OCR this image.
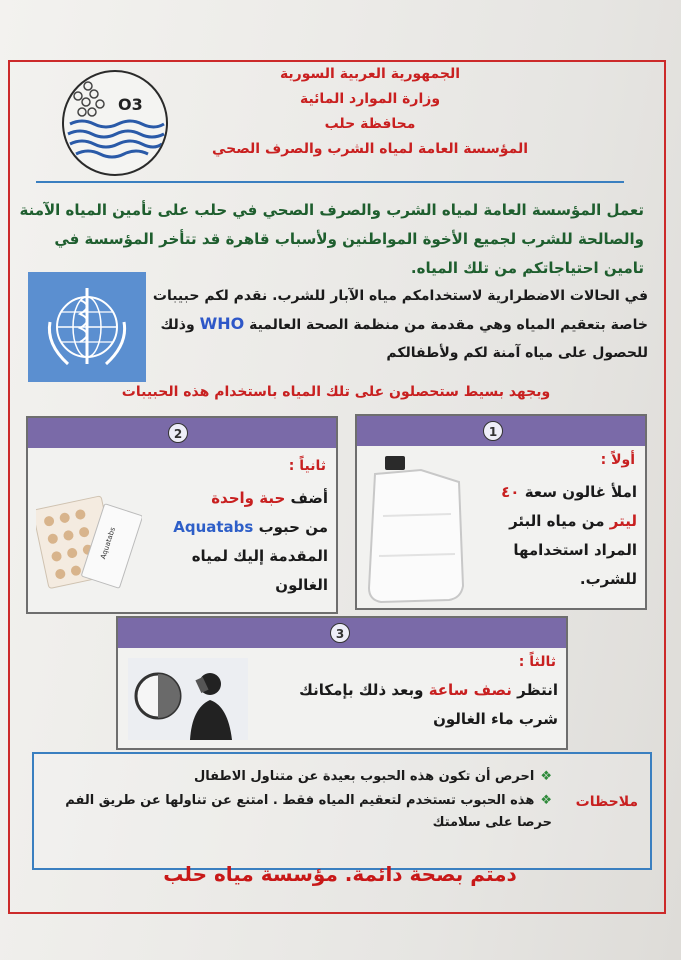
O3
الجمهورية العربية السورية
وزارة الموارد المائية
محافظة حلب
المؤسسة العامة لمياه الشرب والصرف الصحي
تعمل المؤسسة العامة لمياه الشرب والصرف الصحي في حلب على تأمين المياه الآمنة والصالحة للشرب لجميع الأخوة المواطنين ولأسباب قاهرة قد تتأخر المؤسسة في تامين احتياجاتكم من تلك المياه.
في الحالات الاضطرارية لاستخدامكم مياه الآبار للشرب. نقدم لكم حبيبات خاصة بتعقيم المياه وهي مقدمة من منظمة الصحة العالمية WHO وذلك للحصول على مياه آمنة لكم ولأطفالكم
وبجهد بسيط ستحصلون على تلك المياه باستخدام هذه الحبيبات
1
أولاً :
املأ غالون سعة ٤٠
ليتر من مياه البئر
المراد استخدامها
للشرب.
2
ثانياً :
أضف حبة واحدة
من حبوب Aquatabs
المقدمة إليك لمياه
الغالون
Aquatabs
3
ثالثاً :
انتظر نصف ساعة وبعد ذلك بإمكانك
شرب ماء الغالون
ملاحظات
❖احرص أن تكون هذه الحبوب بعيدة عن متناول الاطفال
❖هذه الحبوب تستخدم لتعقيم المياه فقط . امتنع عن تناولها عن طريق الفم حرصا على سلامتك
دمتم بصحة دائمة. مؤسسة مياه حلب
